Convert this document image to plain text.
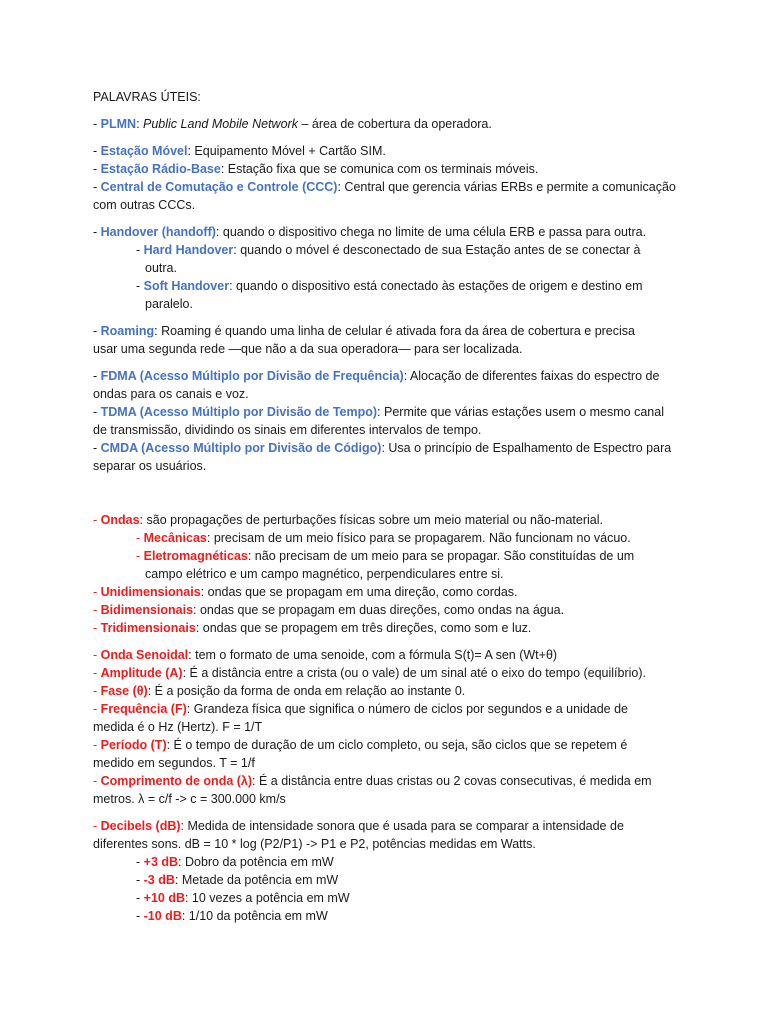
PALAVRAS ÚTEIS:

- PLMN: Public Land Mobile Network – área de cobertura da operadora.

- Estação Móvel: Equipamento Móvel + Cartão SIM.

- Estação Rádio-Base: Estação fixa que se comunica com os terminais móveis.

- Central de Comutação e Controle (CCC): Central que gerencia várias ERBs e permite a comunicação

com outras CCCs.

- Handover (handoff): quando o dispositivo chega no limite de uma célula ERB e passa para outra.

- Hard Handover: quando o móvel é desconectado de sua Estação antes de se conectar à

outra.

- Soft Handover: quando o dispositivo está conectado às estações de origem e destino em

paralelo.

- Roaming: Roaming é quando uma linha de celular é ativada fora da área de cobertura e precisa

usar uma segunda rede —que não a da sua operadora— para ser localizada.

- FDMA (Acesso Múltiplo por Divisão de Frequência): Alocação de diferentes faixas do espectro de

ondas para os canais e voz.

- TDMA (Acesso Múltiplo por Divisão de Tempo): Permite que várias estações usem o mesmo canal

de transmissão, dividindo os sinais em diferentes intervalos de tempo.

- CMDA (Acesso Múltiplo por Divisão de Código): Usa o princípio de Espalhamento de Espectro para

separar os usuários.

- Ondas: são propagações de perturbações físicas sobre um meio material ou não-material.

- Mecânicas: precisam de um meio físico para se propagarem. Não funcionam no vácuo.

- Eletromagnéticas: não precisam de um meio para se propagar. São constituídas de um

campo elétrico e um campo magnético, perpendiculares entre si.

- Unidimensionais: ondas que se propagam em uma direção, como cordas.

- Bidimensionais: ondas que se propagam em duas direções, como ondas na água.

- Tridimensionais: ondas que se propagem em três direções, como som e luz.

- Onda Senoidal: tem o formato de uma senoide, com a fórmula S(t)= A sen (Wt+θ)

- Amplitude (A): É a distância entre a crista (ou o vale) de um sinal até o eixo do tempo (equilíbrio).

- Fase (θ): É a posição da forma de onda em relação ao instante 0.

- Frequência (F): Grandeza física que significa o número de ciclos por segundos e a unidade de

medida é o Hz (Hertz). F = 1/T

- Período (T): É o tempo de duração de um ciclo completo, ou seja, são ciclos que se repetem é

medido em segundos. T = 1/f

- Comprimento de onda (λ): É a distância entre duas cristas ou 2 covas consecutivas, é medida em

metros. λ = c/f -> c = 300.000 km/s

- Decibels (dB): Medida de intensidade sonora que é usada para se comparar a intensidade de

diferentes sons. dB = 10 * log (P2/P1) -> P1 e P2, potências medidas em Watts.

- +3 dB: Dobro da potência em mW

- -3 dB: Metade da potência em mW

- +10 dB: 10 vezes a potência em mW

- -10 dB: 1/10 da potência em mW
